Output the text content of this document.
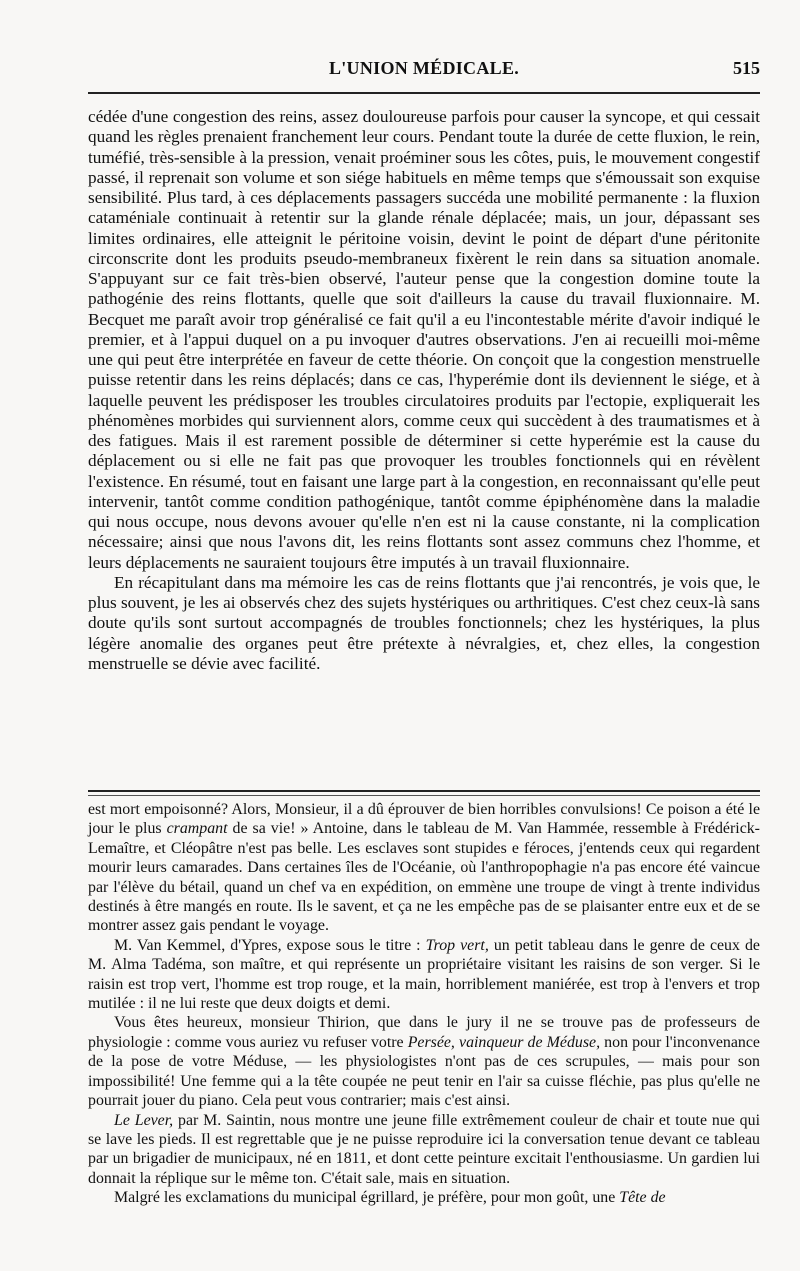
L'UNION MÉDICALE.	515

cédée d'une congestion des reins, assez douloureuse parfois pour causer la syncope, et qui cessait quand les règles prenaient franchement leur cours. Pendant toute la durée de cette fluxion, le rein, tuméfié, très-sensible à la pression, venait proéminer sous les côtes, puis, le mouvement congestif passé, il reprenait son volume et son siége habituels en même temps que s'émoussait son exquise sensibilité. Plus tard, à ces déplacements passagers succéda une mobilité permanente : la fluxion cataméniale continuait à retentir sur la glande rénale déplacée; mais, un jour, dépassant ses limites ordinaires, elle atteignit le péritoine voisin, devint le point de départ d'une péritonite circonscrite dont les produits pseudo-membraneux fixèrent le rein dans sa situation anomale. S'appuyant sur ce fait très-bien observé, l'auteur pense que la congestion domine toute la pathogénie des reins flottants, quelle que soit d'ailleurs la cause du travail fluxionnaire. M. Becquet me paraît avoir trop généralisé ce fait qu'il a eu l'incontestable mérite d'avoir indiqué le premier, et à l'appui duquel on a pu invoquer d'autres observations. J'en ai recueilli moi-même une qui peut être interprétée en faveur de cette théorie. On conçoit que la congestion menstruelle puisse retentir dans les reins déplacés; dans ce cas, l'hyperémie dont ils deviennent le siége, et à laquelle peuvent les prédisposer les troubles circulatoires produits par l'ectopie, expliquerait les phénomènes morbides qui surviennent alors, comme ceux qui succèdent à des traumatismes et à des fatigues. Mais il est rarement possible de déterminer si cette hyperémie est la cause du déplacement ou si elle ne fait pas que provoquer les troubles fonctionnels qui en révèlent l'existence. En résumé, tout en faisant une large part à la congestion, en reconnaissant qu'elle peut intervenir, tantôt comme condition pathogénique, tantôt comme épiphénomène dans la maladie qui nous occupe, nous devons avouer qu'elle n'en est ni la cause constante, ni la complication nécessaire; ainsi que nous l'avons dit, les reins flottants sont assez communs chez l'homme, et leurs déplacements ne sauraient toujours être imputés à un travail fluxionnaire.

En récapitulant dans ma mémoire les cas de reins flottants que j'ai rencontrés, je vois que, le plus souvent, je les ai observés chez des sujets hystériques ou arthritiques. C'est chez ceux-là sans doute qu'ils sont surtout accompagnés de troubles fonctionnels; chez les hystériques, la plus légère anomalie des organes peut être prétexte à névralgies, et, chez elles, la congestion menstruelle se dévie avec facilité.

est mort empoisonné? Alors, Monsieur, il a dû éprouver de bien horribles convulsions! Ce poison a été le jour le plus crampant de sa vie! » Antoine, dans le tableau de M. Van Hammée, ressemble à Frédérick-Lemaître, et Cléopâtre n'est pas belle. Les esclaves sont stupides e féroces, j'entends ceux qui regardent mourir leurs camarades. Dans certaines îles de l'Océanie, où l'anthropophagie n'a pas encore été vaincue par l'élève du bétail, quand un chef va en expédition, on emmène une troupe de vingt à trente individus destinés à être mangés en route. Ils le savent, et ça ne les empêche pas de se plaisanter entre eux et de se montrer assez gais pendant le voyage.

M. Van Kemmel, d'Ypres, expose sous le titre : Trop vert, un petit tableau dans le genre de ceux de M. Alma Tadéma, son maître, et qui représente un propriétaire visitant les raisins de son verger. Si le raisin est trop vert, l'homme est trop rouge, et la main, horriblement maniérée, est trop à l'envers et trop mutilée : il ne lui reste que deux doigts et demi.

Vous êtes heureux, monsieur Thirion, que dans le jury il ne se trouve pas de professeurs de physiologie : comme vous auriez vu refuser votre Persée, vainqueur de Méduse, non pour l'inconvenance de la pose de votre Méduse, — les physiologistes n'ont pas de ces scrupules, — mais pour son impossibilité! Une femme qui a la tête coupée ne peut tenir en l'air sa cuisse fléchie, pas plus qu'elle ne pourrait jouer du piano. Cela peut vous contrarier; mais c'est ainsi.

Le Lever, par M. Saintin, nous montre une jeune fille extrêmement couleur de chair et toute nue qui se lave les pieds. Il est regrettable que je ne puisse reproduire ici la conversation tenue devant ce tableau par un brigadier de municipaux, né en 1811, et dont cette peinture excitait l'enthousiasme. Un gardien lui donnait la réplique sur le même ton. C'était sale, mais en situation.

Malgré les exclamations du municipal égrillard, je préfère, pour mon goût, une Tête de
